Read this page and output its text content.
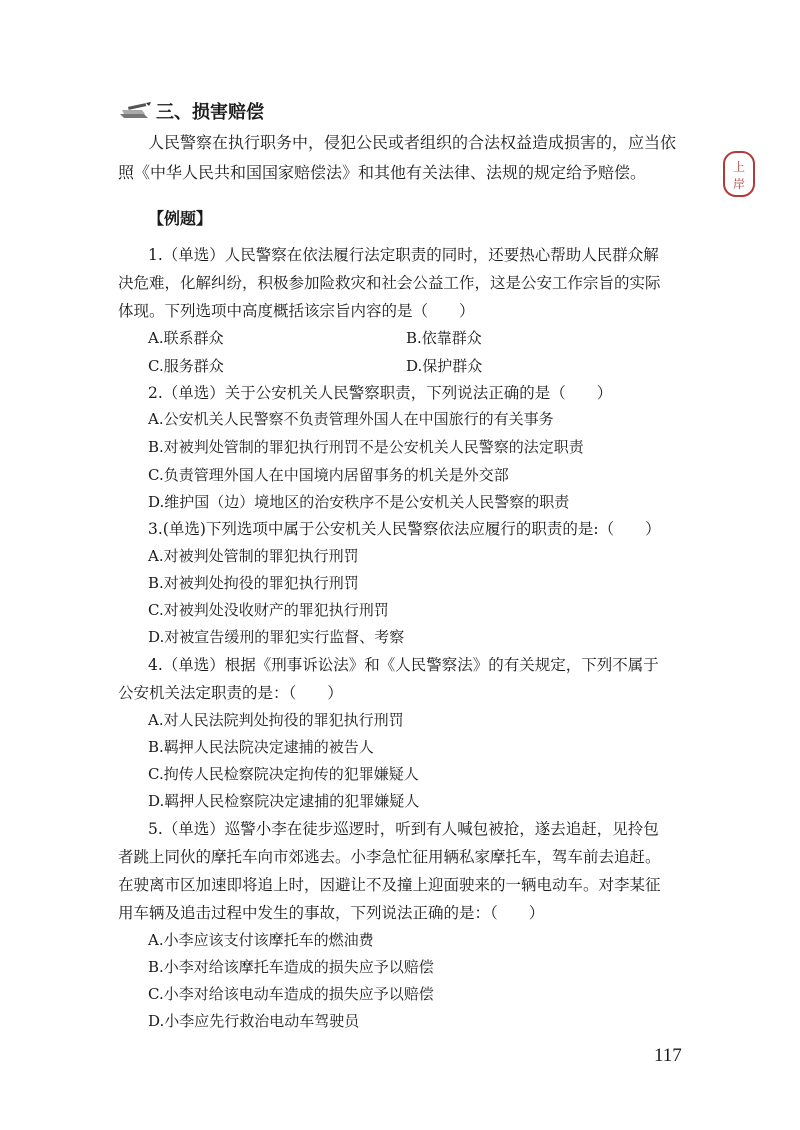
三、损害赔偿
人民警察在执行职务中，侵犯公民或者组织的合法权益造成损害的，应当依
照《中华人民共和国国家赔偿法》和其他有关法律、法规的规定给予赔偿。	上
岸
【例题】
1.（单选）人民警察在依法履行法定职责的同时，还要热心帮助人民群众解
决危难，化解纠纷，积极参加险救灾和社会公益工作，这是公安工作宗旨的实际
体现。下列选项中高度概括该宗旨内容的是（　　）
A.联系群众	B.依靠群众
C.服务群众	D.保护群众
2.（单选）关于公安机关人民警察职责，下列说法正确的是（　　）
A.公安机关人民警察不负责管理外国人在中国旅行的有关事务
B.对被判处管制的罪犯执行刑罚不是公安机关人民警察的法定职责
C.负责管理外国人在中国境内居留事务的机关是外交部
D.维护国（边）境地区的治安秩序不是公安机关人民警察的职责
3.(单选)下列选项中属于公安机关人民警察依法应履行的职责的是:（　　）
A.对被判处管制的罪犯执行刑罚
B.对被判处拘役的罪犯执行刑罚
C.对被判处没收财产的罪犯执行刑罚
D.对被宣告缓刑的罪犯实行监督、考察
4.（单选）根据《刑事诉讼法》和《人民警察法》的有关规定，下列不属于
公安机关法定职责的是：（　　）
A.对人民法院判处拘役的罪犯执行刑罚
B.羁押人民法院决定逮捕的被告人
C.拘传人民检察院决定拘传的犯罪嫌疑人
D.羁押人民检察院决定逮捕的犯罪嫌疑人
5.（单选）巡警小李在徒步巡逻时，听到有人喊包被抢，遂去追赶，见拎包
者跳上同伙的摩托车向市郊逃去。小李急忙征用辆私家摩托车，驾车前去追赶。
在驶离市区加速即将追上时，因避让不及撞上迎面驶来的一辆电动车。对李某征
用车辆及追击过程中发生的事故，下列说法正确的是：（　　）
A.小李应该支付该摩托车的燃油费
B.小李对给该摩托车造成的损失应予以赔偿
C.小李对给该电动车造成的损失应予以赔偿
D.小李应先行救治电动车驾驶员
117
